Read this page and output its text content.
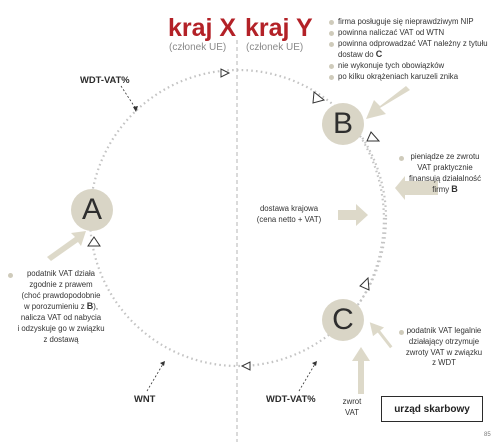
kraj X
(członek UE)
kraj Y
(członek UE)
A
B
C
WDT-VAT%
WNT	WDT-VAT%
dostawa krajowa
(cena netto + VAT)
firma posługuje się nieprawdziwym NIP
powinna naliczać VAT od WTN
powinna odprowadzać VAT należny z tytułu
dostaw do C
nie wykonuje tych obowiązków
po kilku okrążeniach karuzeli znika
pieniądze ze zwrotu
VAT praktycznie
finansują działalność
firmy B
podatnik VAT działa
zgodnie z prawem
(choć prawdopodobnie
w porozumieniu z B),
nalicza VAT od nabycia
i odzyskuje go w związku
z dostawą
podatnik VAT legalnie
działający otrzymuje
zwroty VAT w związku
z WDT
zwrot
VAT	urząd skarbowy
85
